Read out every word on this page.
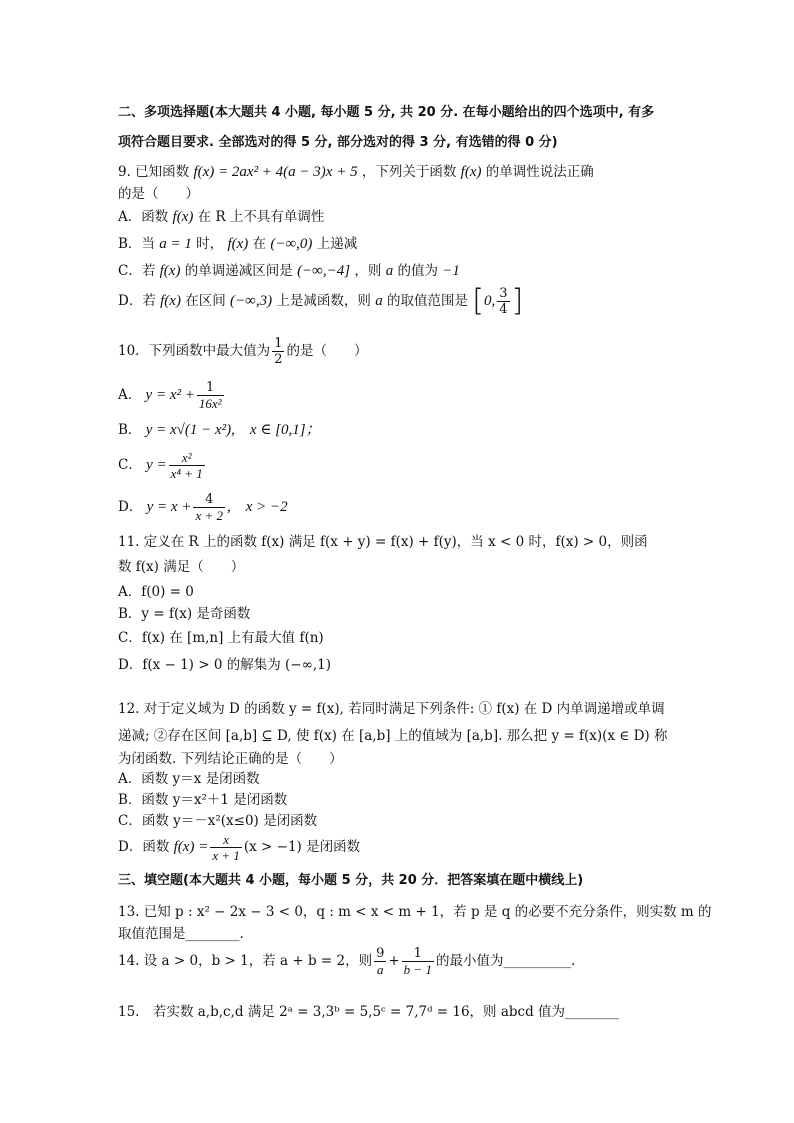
二、多项选择题(本大题共 4 小题, 每小题 5 分, 共 20 分. 在每小题给出的四个选项中, 有多
项符合题目要求. 全部选对的得 5 分, 部分选对的得 3 分, 有选错的得 0 分)
9. 已知函数 f(x) = 2ax² + 4(a − 3)x + 5 ，下列关于函数 f(x) 的单调性说法正确
的是（　　）
A．函数 f(x) 在 R 上不具有单调性
B．当 a = 1 时， f(x) 在 (−∞,0) 上递减
C．若 f(x) 的单调递减区间是 (−∞,−4] ，则 a 的值为 −1
D．若 f(x) 在区间 (−∞,3) 上是减函数，则 a 的取值范围是 [0, $\frac{3}{4}$ ]
10．下列函数中最大值为 $\frac{1}{2}$ 的是（　　）
A． $y = x^2 + \frac{1}{\text{16x²}}$
B． y = x√(1 − x²),　x ∈ [0,1]；
C． $y = \frac{\text{x²}}{\text{x⁴ + 1}}$
D． $y = x + \frac{4}{x + 2}$ ,　x > −2
11. 定义在 R 上的函数 f(x) 满足 f(x + y) = f(x) + f(y)，当 x < 0 时，f(x) > 0，则函
数 f(x) 满足（　　）
A．f(0) = 0
B．y = f(x) 是奇函数
C．f(x) 在 [m,n] 上有最大值 f(n)
D．f(x − 1) > 0 的解集为 (−∞,1)
12. 对于定义域为 D 的函数 y = f(x), 若同时满足下列条件: ① f(x) 在 D 内单调递增或单调
递减; ②存在区间 [a,b] ⊆ D, 使 f(x) 在 [a,b] 上的值域为 [a,b]. 那么把 y = f(x)(x ∈ D) 称
为闭函数. 下列结论正确的是（　　）
A．函数 y＝x 是闭函数
B．函数 y＝x²＋1 是闭函数
C．函数 y＝－x²(x≤0) 是闭函数
D．函数 $f(x) = \frac{x}{x + 1} (x > -1)$ 是闭函数
三、填空题(本大题共 4 小题，每小题 5 分，共 20 分．把答案填在题中横线上)
13. 已知 p : x² − 2x − 3 < 0，q : m < x < m + 1，若 p 是 q 的必要不充分条件，则实数 m 的
取值范围是________.
14. 设 a > 0，b > 1，若 a + b = 2，则 $\frac{9}{a} + \frac{1}{b - 1}$ 的最小值为__________.
15.　若实数 a,b,c,d 满足 2ᵃ = 3,3ᵇ = 5,5ᶜ = 7,7ᵈ = 16，则 abcd 值为________
